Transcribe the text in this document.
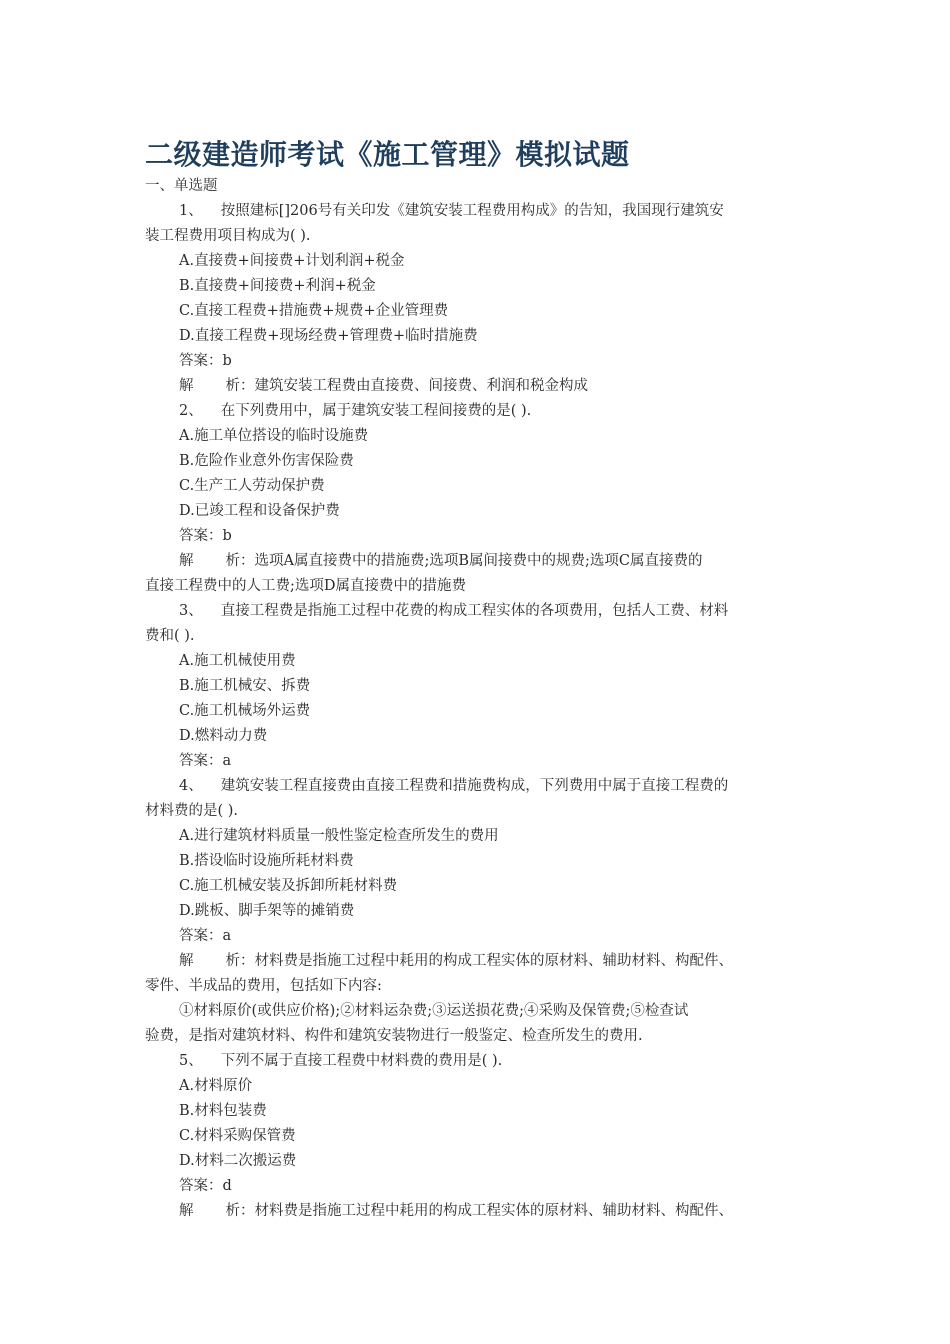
二级建造师考试《施工管理》模拟试题
一、单选题
1、 按照建标[]206号有关印发《建筑安装工程费用构成》的告知，我国现行建筑安
装工程费用项目构成为( ).
A.直接费+间接费+计划利润+税金
B.直接费+间接费+利润+税金
C.直接工程费+措施费+规费+企业管理费
D.直接工程费+现场经费+管理费+临时措施费
答案：b
解 析：建筑安装工程费由直接费、间接费、利润和税金构成
2、 在下列费用中，属于建筑安装工程间接费的是( ).
A.施工单位搭设的临时设施费
B.危险作业意外伤害保险费
C.生产工人劳动保护费
D.已竣工程和设备保护费
答案：b
解 析：选项A属直接费中的措施费;选项B属间接费中的规费;选项C属直接费的
直接工程费中的人工费;选项D属直接费中的措施费
3、 直接工程费是指施工过程中花费的构成工程实体的各项费用，包括人工费、材料
费和( ).
A.施工机械使用费
B.施工机械安、拆费
C.施工机械场外运费
D.燃料动力费
答案：a
4、 建筑安装工程直接费由直接工程费和措施费构成，下列费用中属于直接工程费的
材料费的是( ).
A.进行建筑材料质量一般性鉴定检查所发生的费用
B.搭设临时设施所耗材料费
C.施工机械安装及拆卸所耗材料费
D.跳板、脚手架等的摊销费
答案：a
解 析：材料费是指施工过程中耗用的构成工程实体的原材料、辅助材料、构配件、
零件、半成品的费用，包括如下内容:
①材料原价(或供应价格);②材料运杂费;③运送损花费;④采购及保管费;⑤检查试
验费，是指对建筑材料、构件和建筑安装物进行一般鉴定、检查所发生的费用.
5、 下列不属于直接工程费中材料费的费用是( ).
A.材料原价
B.材料包装费
C.材料采购保管费
D.材料二次搬运费
答案：d
解 析：材料费是指施工过程中耗用的构成工程实体的原材料、辅助材料、构配件、
